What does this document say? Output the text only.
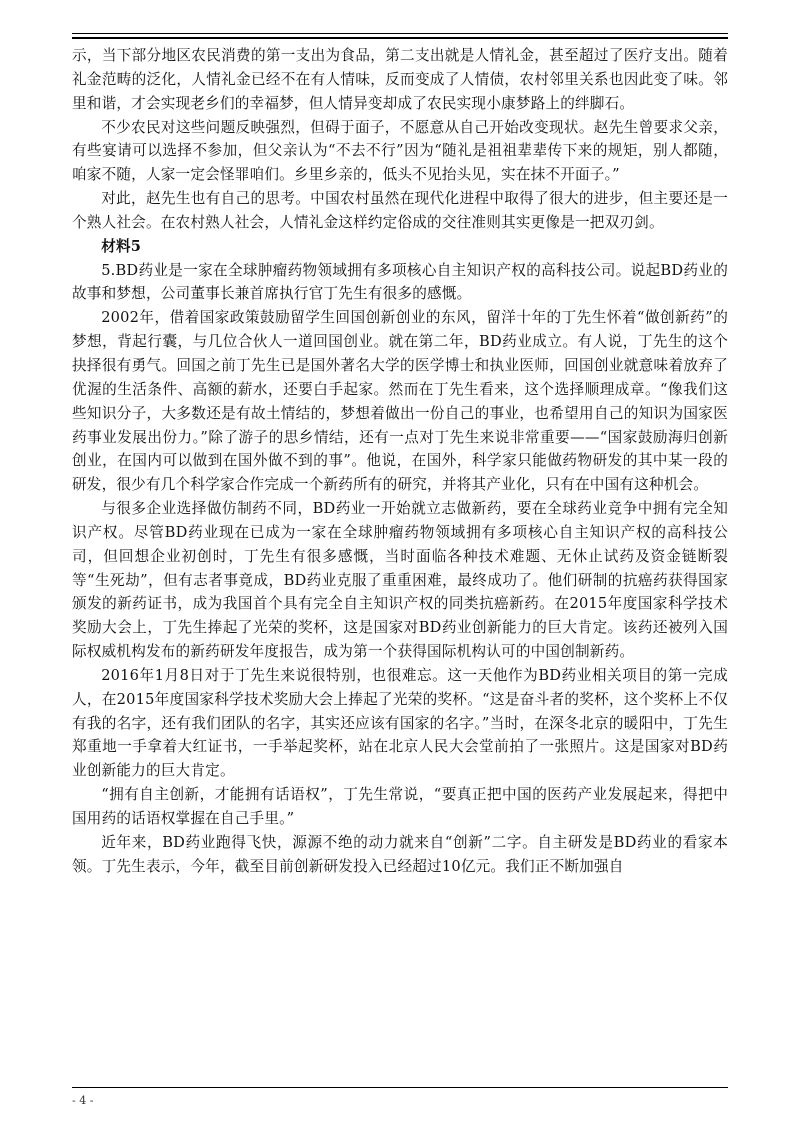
示，当下部分地区农民消费的第一支出为食品，第二支出就是人情礼金，甚至超过了医疗支出。随着礼金范畴的泛化，人情礼金已经不在有人情味，反而变成了人情债，农村邻里关系也因此变了味。邻里和谐，才会实现老乡们的幸福梦，但人情异变却成了农民实现小康梦路上的绊脚石。

不少农民对这些问题反映强烈，但碍于面子，不愿意从自己开始改变现状。赵先生曾要求父亲，有些宴请可以选择不参加，但父亲认为“不去不行”因为“随礼是祖祖辈辈传下来的规矩，别人都随，咱家不随，人家一定会怪罪咱们。乡里乡亲的，低头不见抬头见，实在抹不开面子。”

对此，赵先生也有自己的思考。中国农村虽然在现代化进程中取得了很大的进步，但主要还是一个熟人社会。在农村熟人社会，人情礼金这样约定俗成的交往准则其实更像是一把双刃剑。

材料5

5.BD药业是一家在全球肿瘤药物领域拥有多项核心自主知识产权的高科技公司。说起BD药业的故事和梦想，公司董事长兼首席执行官丁先生有很多的感慨。

2002年，借着国家政策鼓励留学生回国创新创业的东风，留洋十年的丁先生怀着“做创新药”的梦想，背起行囊，与几位合伙人一道回国创业。就在第二年，BD药业成立。有人说，丁先生的这个抉择很有勇气。回国之前丁先生已是国外著名大学的医学博士和执业医师，回国创业就意味着放弃了优渥的生活条件、高额的薪水，还要白手起家。然而在丁先生看来，这个选择顺理成章。“像我们这些知识分子，大多数还是有故土情结的，梦想着做出一份自己的事业，也希望用自己的知识为国家医药事业发展出份力。”除了游子的思乡情结，还有一点对丁先生来说非常重要——“国家鼓励海归创新创业，在国内可以做到在国外做不到的事”。他说，在国外，科学家只能做药物研发的其中某一段的研发，很少有几个科学家合作完成一个新药所有的研究，并将其产业化，只有在中国有这种机会。

与很多企业选择做仿制药不同，BD药业一开始就立志做新药，要在全球药业竞争中拥有完全知识产权。尽管BD药业现在已成为一家在全球肿瘤药物领域拥有多项核心自主知识产权的高科技公司，但回想企业初创时，丁先生有很多感慨，当时面临各种技术难题、无休止试药及资金链断裂等“生死劫”，但有志者事竟成，BD药业克服了重重困难，最终成功了。他们研制的抗癌药获得国家颁发的新药证书，成为我国首个具有完全自主知识产权的同类抗癌新药。在2015年度国家科学技术奖励大会上，丁先生捧起了光荣的奖杯，这是国家对BD药业创新能力的巨大肯定。该药还被列入国际权威机构发布的新药研发年度报告，成为第一个获得国际机构认可的中国创制新药。

2016年1月8日对于丁先生来说很特别，也很难忘。这一天他作为BD药业相关项目的第一完成人，在2015年度国家科学技术奖励大会上捧起了光荣的奖杯。“这是奋斗者的奖杯，这个奖杯上不仅有我的名字，还有我们团队的名字，其实还应该有国家的名字。”当时，在深冬北京的暖阳中，丁先生郑重地一手拿着大红证书，一手举起奖杯，站在北京人民大会堂前拍了一张照片。这是国家对BD药业创新能力的巨大肯定。

“拥有自主创新，才能拥有话语权”，丁先生常说，“要真正把中国的医药产业发展起来，得把中国用药的话语权掌握在自己手里。”

近年来，BD药业跑得飞快，源源不绝的动力就来自“创新”二字。自主研发是BD药业的看家本领。丁先生表示，今年，截至目前创新研发投入已经超过10亿元。我们正不断加强自

- 4 -
